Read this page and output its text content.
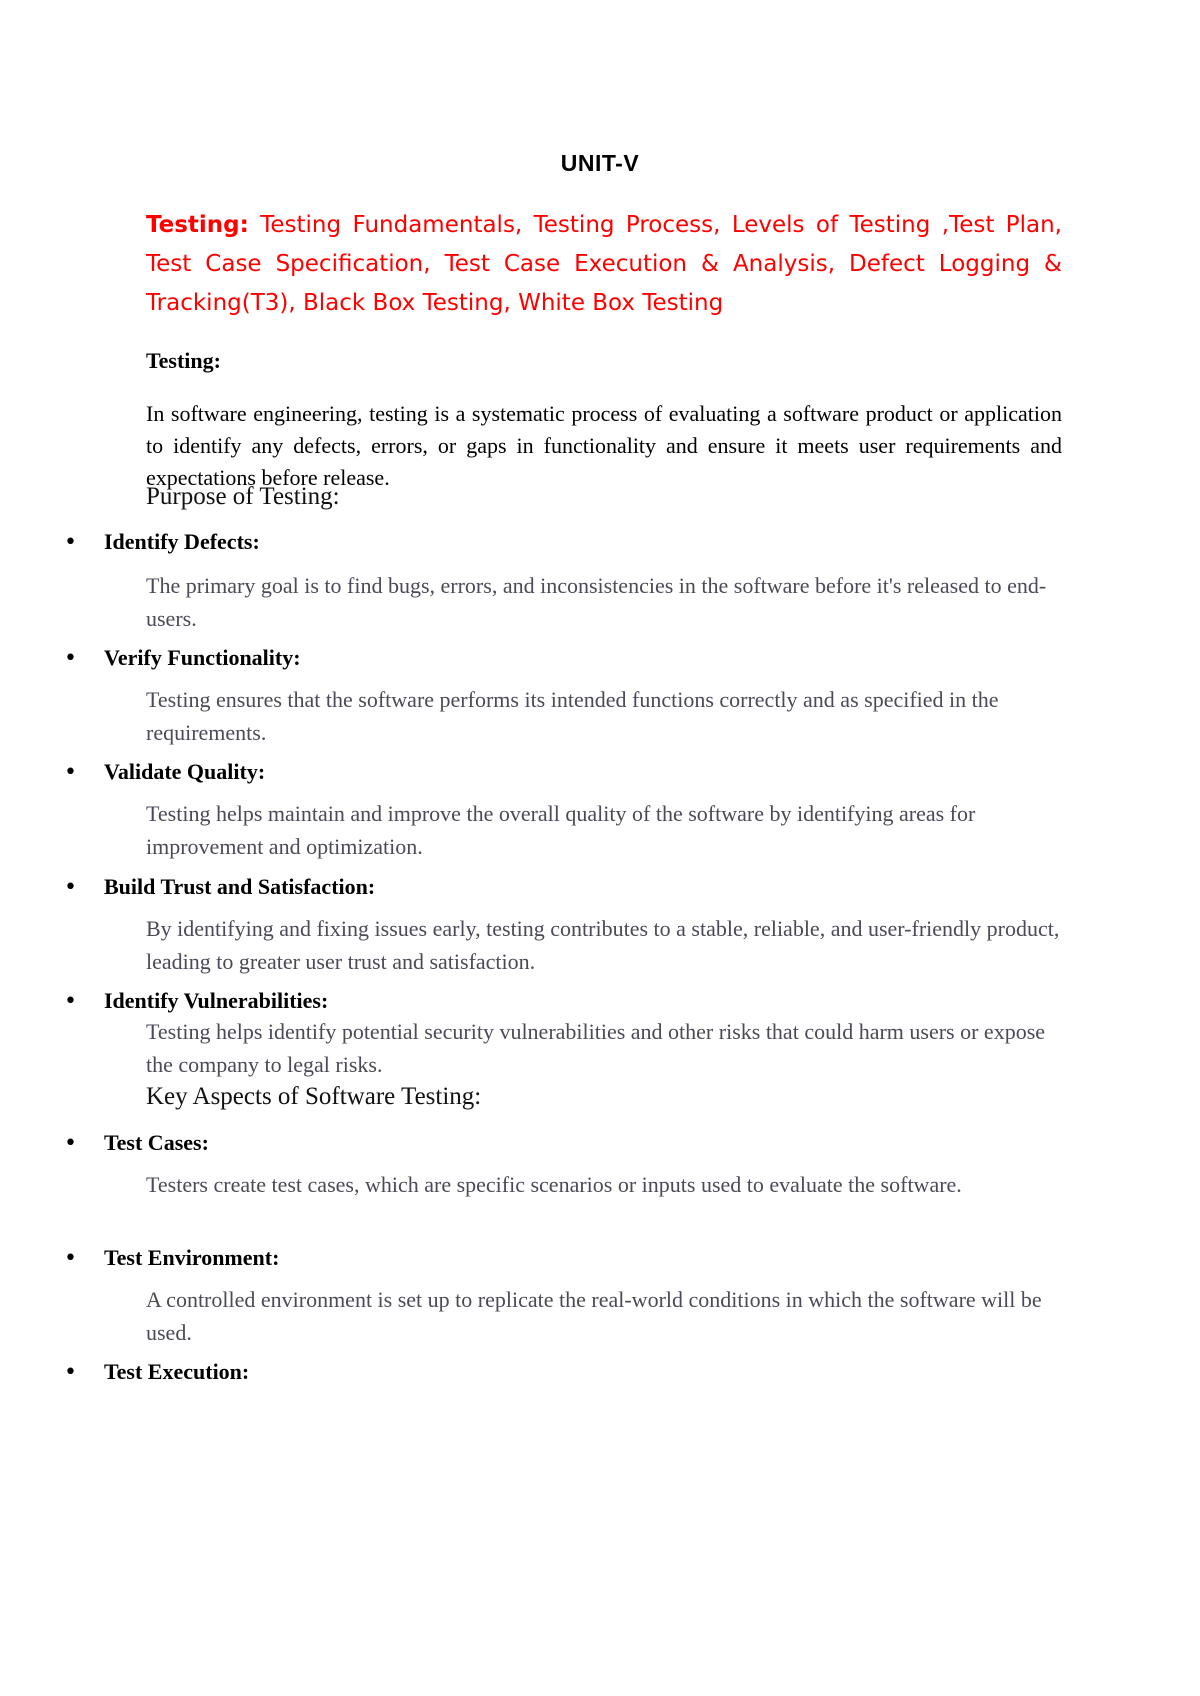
UNIT-V
Testing: Testing Fundamentals, Testing Process, Levels of Testing ,Test Plan, Test Case Specification, Test Case Execution & Analysis, Defect Logging & Tracking(T3), Black Box Testing, White Box Testing
Testing:
In software engineering, testing is a systematic process of evaluating a software product or application to identify any defects, errors, or gaps in functionality and ensure it meets user requirements and expectations before release.
Purpose of Testing:
•	Identify Defects:
The primary goal is to find bugs, errors, and inconsistencies in the software before it's released to end-users.
•	Verify Functionality:
Testing ensures that the software performs its intended functions correctly and as specified in the requirements.
•	Validate Quality:
Testing helps maintain and improve the overall quality of the software by identifying areas for improvement and optimization.
•	Build Trust and Satisfaction:
By identifying and fixing issues early, testing contributes to a stable, reliable, and user-friendly product, leading to greater user trust and satisfaction.
•	Identify Vulnerabilities:
Testing helps identify potential security vulnerabilities and other risks that could harm users or expose the company to legal risks.
Key Aspects of Software Testing:
•	Test Cases:
Testers create test cases, which are specific scenarios or inputs used to evaluate the software.
•	Test Environment:
A controlled environment is set up to replicate the real-world conditions in which the software will be used.
•	Test Execution:
